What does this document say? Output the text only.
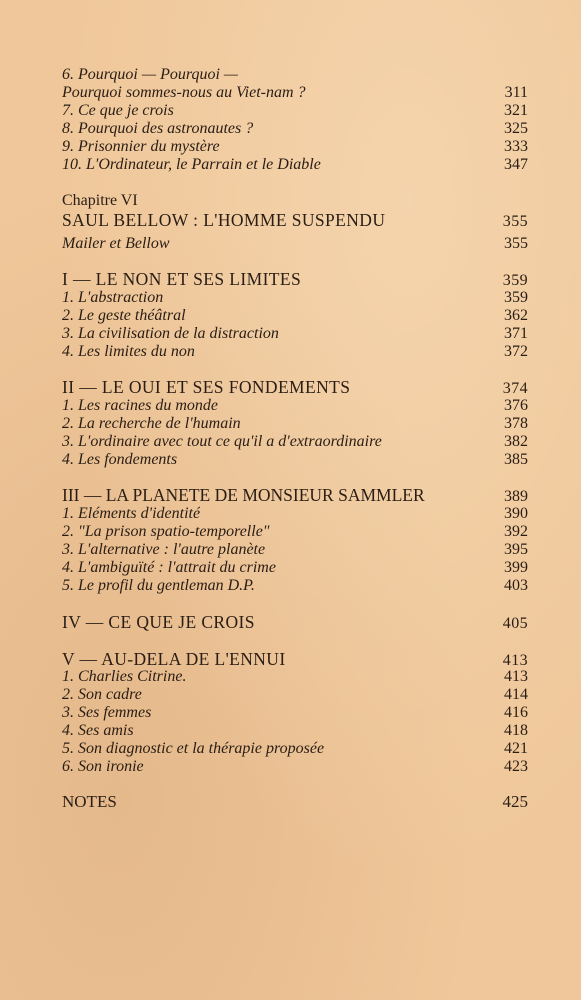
6. Pourquoi — Pourquoi —
Pourquoi sommes-nous au Viet-nam ?	311
7. Ce que je crois	321
8. Pourquoi des astronautes ?	325
9. Prisonnier du mystère	333
10. L'Ordinateur, le Parrain et le Diable	347
Chapitre VI
SAUL BELLOW : L'HOMME SUSPENDU	355
Mailer et Bellow	355
I — LE NON ET SES LIMITES	359
1. L'abstraction	359
2. Le geste théâtral	362
3. La civilisation de la distraction	371
4. Les limites du non	372
II — LE OUI ET SES FONDEMENTS	374
1. Les racines du monde	376
2. La recherche de l'humain	378
3. L'ordinaire avec tout ce qu'il a d'extraordinaire	382
4. Les fondements	385
III — LA PLANETE DE MONSIEUR SAMMLER	389
1. Eléments d'identité	390
2. "La prison spatio-temporelle"	392
3. L'alternative : l'autre planète	395
4. L'ambiguïté : l'attrait du crime	399
5. Le profil du gentleman D.P.	403
IV — CE QUE JE CROIS	405
V — AU-DELA DE L'ENNUI	413
1. Charlies Citrine.	413
2. Son cadre	414
3. Ses femmes	416
4. Ses amis	418
5. Son diagnostic et la thérapie proposée	421
6. Son ironie	423
NOTES	425
